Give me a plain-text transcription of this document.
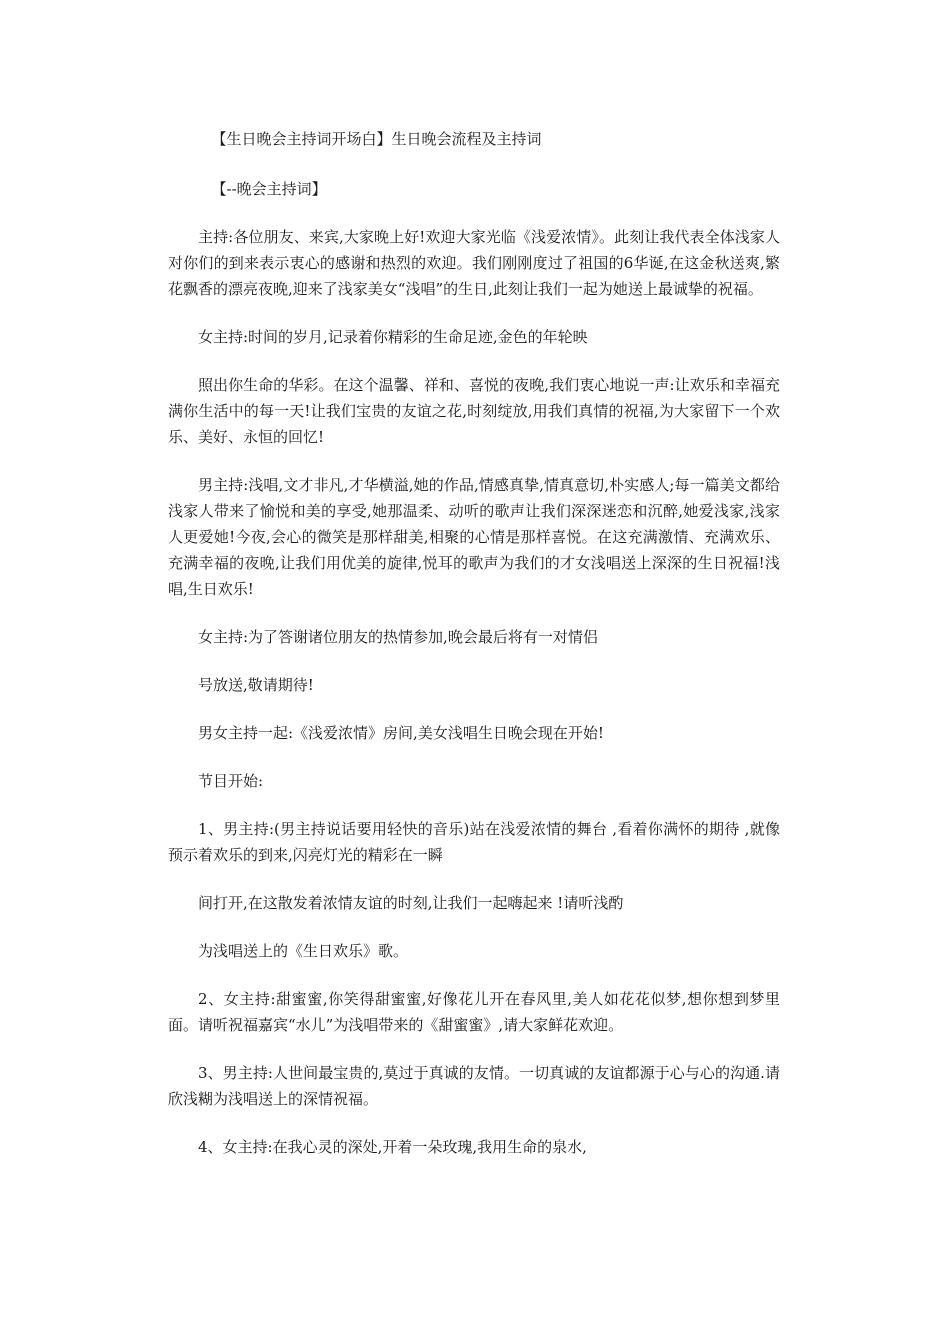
【生日晚会主持词开场白】生日晚会流程及主持词

【--晚会主持词】

主持:各位朋友、来宾,大家晚上好!欢迎大家光临《浅爱浓情》。此刻让我代表全体浅家人对你们的到来表示衷心的感谢和热烈的欢迎。我们刚刚度过了祖国的6华诞,在这金秋送爽,繁花飘香的漂亮夜晚,迎来了浅家美女“浅唱”的生日,此刻让我们一起为她送上最诚挚的祝福。

女主持:时间的岁月,记录着你精彩的生命足迹,金色的年轮映

照出你生命的华彩。在这个温馨、祥和、喜悦的夜晚,我们衷心地说一声:让欢乐和幸福充满你生活中的每一天!让我们宝贵的友谊之花,时刻绽放,用我们真情的祝福,为大家留下一个欢乐、美好、永恒的回忆!

男主持:浅唱,文才非凡,才华横溢,她的作品,情感真挚,情真意切,朴实感人;每一篇美文都给浅家人带来了愉悦和美的享受,她那温柔、动听的歌声让我们深深迷恋和沉醉,她爱浅家,浅家人更爱她!今夜,会心的微笑是那样甜美,相聚的心情是那样喜悦。在这充满激情、充满欢乐、充满幸福的夜晚,让我们用优美的旋律,悦耳的歌声为我们的才女浅唱送上深深的生日祝福!浅唱,生日欢乐!

女主持:为了答谢诸位朋友的热情参加,晚会最后将有一对情侣

号放送,敬请期待!

男女主持一起:《浅爱浓情》房间,美女浅唱生日晚会现在开始!

节目开始:

1、男主持:(男主持说话要用轻快的音乐)站在浅爱浓情的舞台 ,看着你满怀的期待 ,就像预示着欢乐的到来,闪亮灯光的精彩在一瞬

间打开,在这散发着浓情友谊的时刻,让我们一起嗨起来 !请听浅酌

为浅唱送上的《生日欢乐》歌。

2、女主持:甜蜜蜜,你笑得甜蜜蜜,好像花儿开在春风里,美人如花花似梦,想你想到梦里面。请听祝福嘉宾“水儿”为浅唱带来的《甜蜜蜜》,请大家鲜花欢迎。

3、男主持:人世间最宝贵的,莫过于真诚的友情。一切真诚的友谊都源于心与心的沟通.请欣浅糊为浅唱送上的深情祝福。

4、女主持:在我心灵的深处,开着一朵玫瑰,我用生命的泉水,
